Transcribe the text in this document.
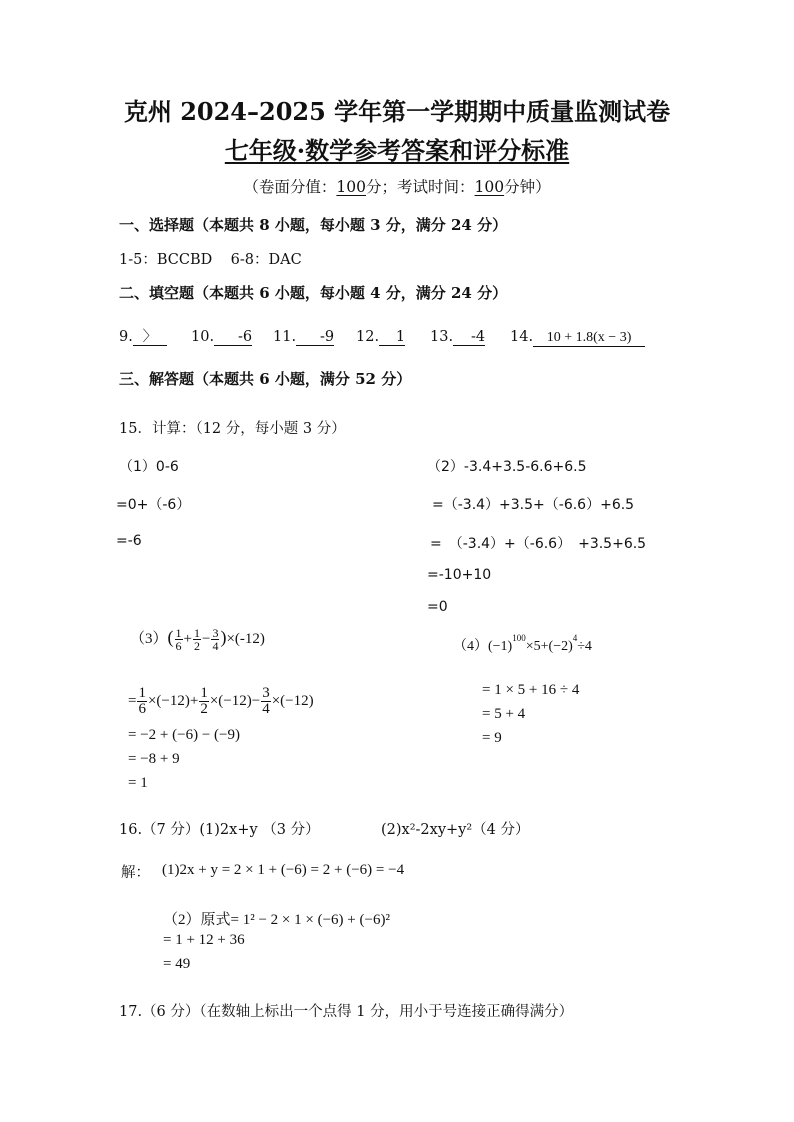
克州 2024–2025 学年第一学期期中质量监测试卷
七年级·数学参考答案和评分标准
（卷面分值：100分；考试时间：100分钟）
一、选择题（本题共 8 小题，每小题 3 分，满分 24 分）
1-5：BCCBD    6-8：DAC
二、填空题（本题共 6 小题，每小题 4 分，满分 24 分）
9. 〉	10. -6 11. -9 12. 1 13. -4 14. 10 + 1.8(x − 3)
三、解答题（本题共 6 小题，满分 52 分）
15．计算：（12 分，每小题 3 分）
（1）0-6
=0+（-6）
=-6
（2）-3.4+3.5-6.6+6.5
=（-3.4）+3.5+（-6.6）+6.5
=　（-3.4）+（-6.6）　+3.5+6.5
=-10+10
=0
$(3)( \frac{1}{6} + \frac{1}{2} - \frac{3}{4} )\times(-12)$
= $\frac{1}{6} \times(-12)+ \frac{1}{2} \times(-12)- \frac{3}{4} \times(-12)$
= −2 + (−6) − (−9)
= −8 + 9
= 1
$(4)(-1)^{100}\times 5+(-2)^4\div 4$
= 1 × 5 + 16 ÷ 4
= 5 + 4
= 9
16.（7 分）(1)2x+y （3 分）	(2)x²-2xy+y²（4 分）
解： (1)2x + y = 2 × 1 + (−6) = 2 + (−6) = −4
（2）原式= 1² − 2 × 1 × (−6) + (−6)²
= 1 + 12 + 36
= 49
17.（6 分）（在数轴上标出一个点得 1 分，用小于号连接正确得满分）
